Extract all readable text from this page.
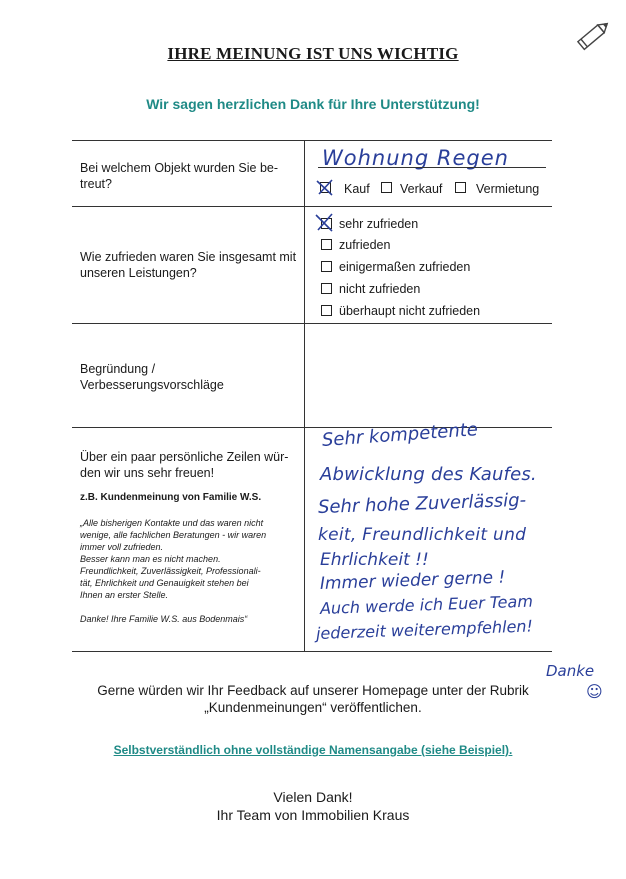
IHRE MEINUNG IST UNS WICHTIG
Wir sagen herzlichen Dank für Ihre Unterstützung!
Bei welchem Objekt wurden Sie be-
treut?
Wohnung Regen
Kauf Verkauf	Vermietung
Wie zufrieden waren Sie insgesamt mit
unseren Leistungen?
sehr zufrieden
zufrieden
einigermaßen zufrieden
nicht zufrieden
überhaupt nicht zufrieden
Begründung /
Verbesserungsvorschläge
Über ein paar persönliche Zeilen wür-
den wir uns sehr freuen!
z.B. Kundenmeinung von Familie W.S.
„Alle bisherigen Kontakte und das waren nicht
wenige, alle fachlichen Beratungen - wir waren
immer voll zufrieden.
Besser kann man es nicht machen.
Freundlichkeit, Zuverlässigkeit, Professionali-
tät, Ehrlichkeit und Genauigkeit stehen bei
Ihnen an erster Stelle.
Danke! Ihre Familie W.S. aus Bodenmais“
Sehr kompetente
Abwicklung des Kaufes.
Sehr hohe Zuverlässig-
keit, Freundlichkeit und
Ehrlichkeit !!
Immer wieder gerne !
Auch werde ich Euer Team
jederzeit weiterempfehlen!
Danke
☺
Gerne würden wir Ihr Feedback auf unserer Homepage unter der Rubrik
„Kundenmeinungen“ veröffentlichen.
Selbstverständlich ohne vollständige Namensangabe (siehe Beispiel).
Vielen Dank!
Ihr Team von Immobilien Kraus
